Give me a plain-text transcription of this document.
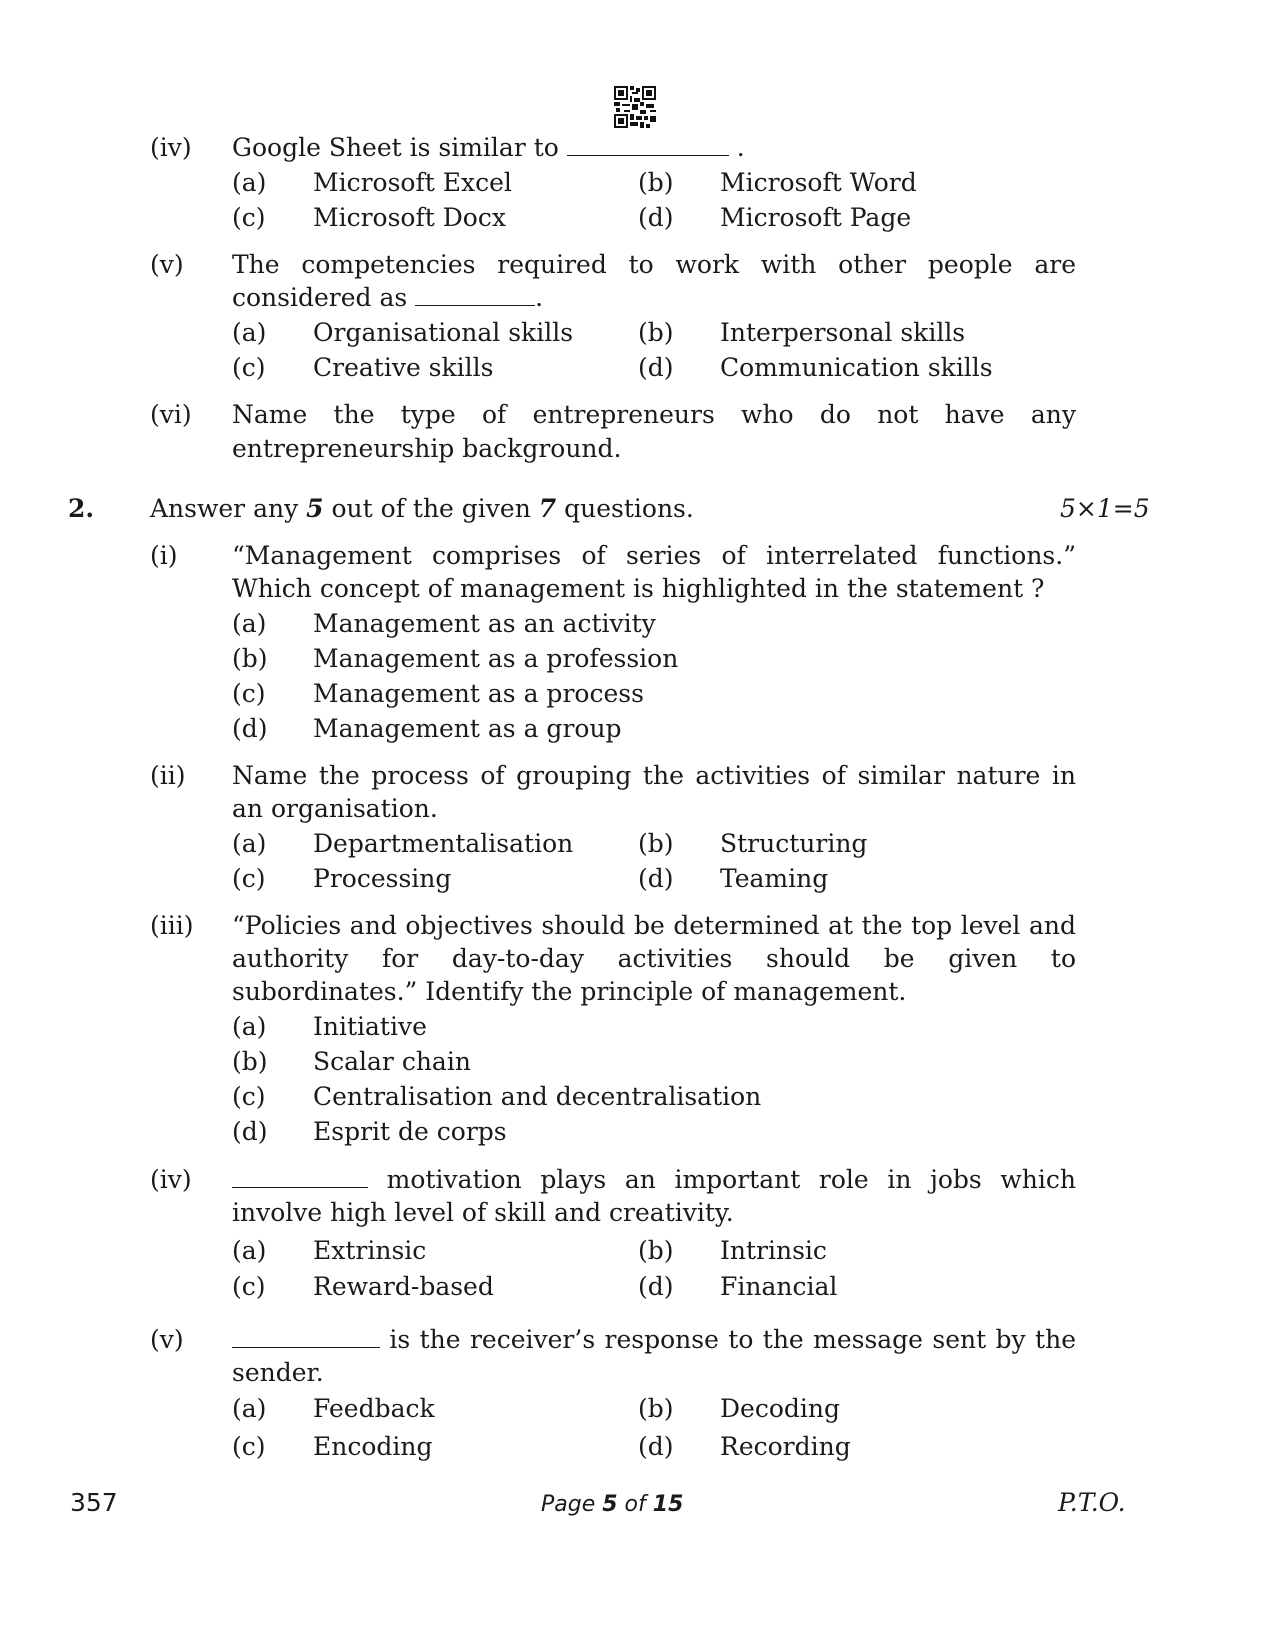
(iv) Google Sheet is similar to	.
(a) Microsoft Excel	(b) Microsoft Word
(c) Microsoft Docx	(d) Microsoft Page
(v) The competencies required to work with other people are
considered as	.
(a) Organisational skills	(b) Interpersonal skills
(c) Creative skills	(d) Communication skills
(vi) Name the type of entrepreneurs who do not have any entrepreneurship background.
2. Answer any 5 out of the given 7 questions.	5×1=5
(i) “Management comprises of series of interrelated functions.” Which concept of management is highlighted in the statement ?
(a) Management as an activity
(b) Management as a profession
(c) Management as a process
(d) Management as a group
(ii) Name the process of grouping the activities of similar nature in an organisation.
(a) Departmentalisation	(b) Structuring
(c) Processing	(d) Teaming
(iii) “Policies and objectives should be determined at the top level and authority for day-to-day activities should be given to subordinates.” Identify the principle of management.
(a) Initiative
(b) Scalar chain
(c) Centralisation and decentralisation
(d) Esprit de corps
(iv)	motivation plays an important role in jobs which involve high level of skill and creativity.
(a) Extrinsic	(b) Intrinsic
(c) Reward-based	(d) Financial
(v)	is the receiver’s response to the message sent by the sender.
(a) Feedback	(b) Decoding
(c) Encoding	(d) Recording
357	Page 5 of 15	P.T.O.
